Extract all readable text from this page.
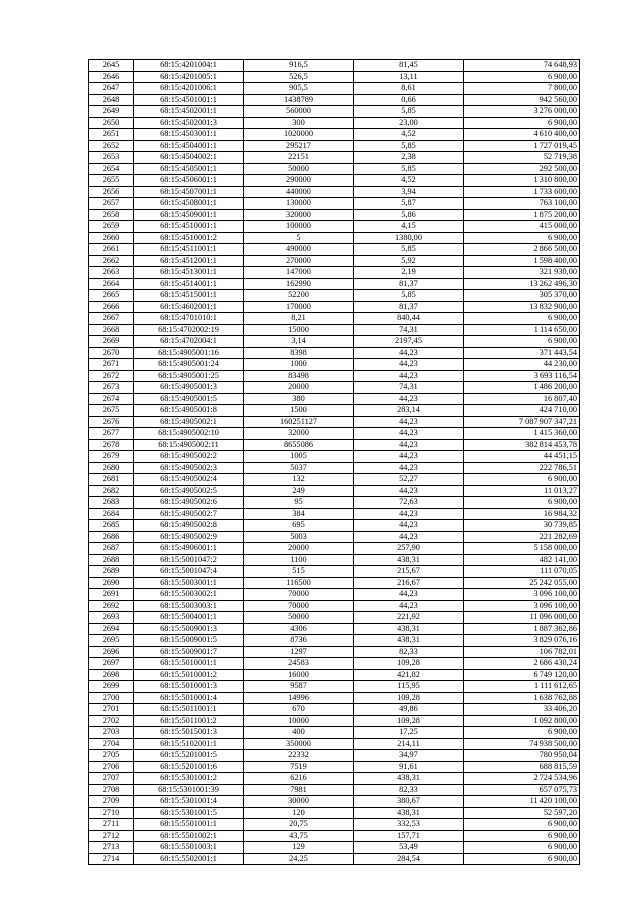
2645	68:15:4201004:1	916,5	81,45	74 648,93
2646	68:15:4201005:1	526,5	13,11	6 900,00
2647	68:15:4201006:1	905,5	8,61	7 800,00
2648	68:15:4501001:1	1438789	0,66	942 560,00
2649	68:15:4502001:1	560000	5,85	3 276 000,00
2650	68:15:4502001:3	300	23,00	6 900,00
2651	68:15:4503001:1	1020000	4,52	4 610 400,00
2652	68:15:4504001:1	295217	5,85	1 727 019,45
2653	68:15:4504002:1	22151	2,38	52 719,38
2654	68:15:4505001:1	50000	5,85	292 500,00
2655	68:15:4506001:1	290000	4,52	1 310 800,00
2656	68:15:4507001:1	440000	3,94	1 733 600,00
2657	68:15:4508001:1	130000	5,87	763 100,00
2658	68:15:4509001:1	320000	5,86	1 875 200,00
2659	68:15:4510001:1	100000	4,15	415 000,00
2660	68:15:4510001:2	5	1380,00	6 900,00
2661	68:15:4511001:1	490000	5,85	2 866 500,00
2662	68:15:4512001:1	270000	5,92	1 598 400,00
2663	68:15:4513001:1	147000	2,19	321 930,00
2664	68:15:4514001:1	162990	81,37	13 262 496,30
2665	68:15:4515001:1	52200	5,85	305 370,00
2666	68:15:4602001:1	170000	81,37	13 832 900,00
2667	68:15:4701010:1	8,21	840,44	6 900,00
2668	68:15:4702002:19	15000	74,31	1 114 650,00
2669	68:15:4702004:1	3,14	2197,45	6 900,00
2670	68:15:4905001:16	8398	44,23	371 443,54
2671	68:15:4905001:24	1000	44,23	44 230,00
2672	68:15:4905001:25	83498	44,23	3 693 116,54
2673	68:15:4905001:3	20000	74,31	1 486 200,00
2674	68:15:4905001:5	380	44,23	16 807,40
2675	68:15:4905001:8	1500	283,14	424 710,00
2676	68:15:4905002:1	160251127	44,23	7 087 907 347,21
2677	68:15:4905002:10	32000	44,23	1 415 360,00
2678	68:15:4905002:11	8655086	44,23	382 814 453,78
2679	68:15:4905002:2	1005	44,23	44 451,15
2680	68:15:4905002:3	5037	44,23	222 786,51
2681	68:15:4905002:4	132	52,27	6 900,00
2682	68:15:4905002:5	249	44,23	11 013,27
2683	68:15:4905002:6	95	72,63	6 900,00
2684	68:15:4905002:7	384	44,23	16 984,32
2685	68:15:4905002:8	695	44,23	30 739,85
2686	68:15:4905002:9	5003	44,23	221 282,69
2687	68:15:4906001:1	20000	257,90	5 158 000,00
2688	68:15:5001047:2	1100	438,31	482 141,00
2689	68:15:5001047:4	515	215,67	111 070,05
2690	68:15:5003001:1	116500	216,67	25 242 055,00
2691	68:15:5003002:1	70000	44,23	3 096 100,00
2692	68:15:5003003:1	70000	44,23	3 096 100,00
2693	68:15:5004001:1	50000	221,92	11 096 000,00
2694	68:15:5009001:3	4306	438,31	1 887 362,86
2695	68:15:5009001:5	8736	438,31	3 829 076,16
2696	68:15:5009001:7	1297	82,33	106 782,01
2697	68:15:5010001:1	24583	109,28	2 686 430,24
2698	68:15:5010001:2	16000	421,82	6 749 120,00
2699	68:15:5010001:3	9587	115,95	1 111 612,65
2700	68:15:5010001:4	14996	109,28	1 638 762,88
2701	68:15:5011001:1	670	49,86	33 406,20
2702	68:15:5011001:2	10000	109,28	1 092 800,00
2703	68:15:5015001:3	400	17,25	6 900,00
2704	68:15:5102001:1	350000	214,11	74 938 500,00
2705	68:15:5201001:5	22332	34,97	780 950,04
2706	68:15:5201001:6	7519	91,61	688 815,59
2707	68:15:5301001:2	6216	438,31	2 724 534,96
2708	68:15:5301001:39	7981	82,33	657 075,73
2709	68:15:5301001:4	30000	380,67	11 420 100,00
2710	68:15:5301001:5	120	438,31	52 597,20
2711	68:15:5501001:1	20,75	332,53	6 900,00
2712	68:15:5501002:1	43,75	157,71	6 900,00
2713	68:15:5501003:1	129	53,49	6 900,00
2714	68:15:5502001:1	24,25	284,54	6 900,00
